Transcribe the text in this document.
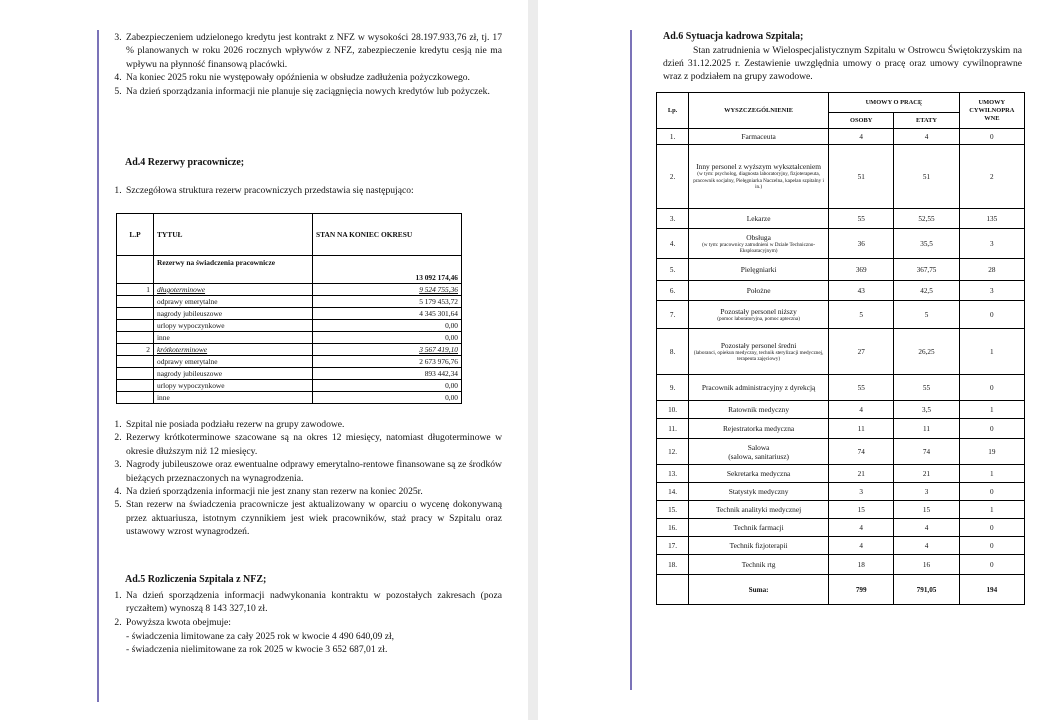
3. Zabezpieczeniem udzielonego kredytu jest kontrakt z NFZ w wysokości 28.197.933,76 zł, tj. 17 % planowanych w roku 2026 rocznych wpływów z NFZ, zabezpieczenie kredytu cesją nie ma wpływu na płynność finansową placówki.
4. Na koniec 2025 roku nie występowały opóźnienia w obsłudze zadłużenia pożyczkowego.
5. Na dzień sporządzania informacji nie planuje się zaciągnięcia nowych kredytów lub pożyczek.
Ad.4 Rezerwy pracownicze;
1. Szczegółowa struktura rezerw pracowniczych przedstawia się następująco:
L.P	TYTUŁ	STAN NA KONIEC OKRESU
	Rezerwy na świadczenia pracownicze	13 092 174,46
1	długoterminowe	9 524 755,36
	odprawy emerytalne	5 179 453,72
	nagrody jubileuszowe	4 345 301,64
	urlopy wypoczynkowe	0,00
	inne	0,00
2	krótkoterminowe	3 567 419,10
	odprawy emerytalne	2 673 976,76
	nagrody jubileuszowe	893 442,34
	urlopy wypoczynkowe	0,00
	inne	0,00
1. Szpital nie posiada podziału rezerw na grupy zawodowe.
2. Rezerwy krótkoterminowe szacowane są na okres 12 miesięcy, natomiast długoterminowe w okresie dłuższym niż 12 miesięcy.
3. Nagrody jubileuszowe oraz ewentualne odprawy emerytalno-rentowe finansowane są ze środków bieżących przeznaczonych na wynagrodzenia.
4. Na dzień sporządzenia informacji nie jest znany stan rezerw na koniec 2025r.
5. Stan rezerw na świadczenia pracownicze jest aktualizowany w oparciu o wycenę dokonywaną przez aktuariusza, istotnym czynnikiem jest wiek pracowników, staż pracy w Szpitalu oraz ustawowy wzrost wynagrodzeń.
Ad.5 Rozliczenia Szpitala z NFZ;
1. Na dzień sporządzenia informacji nadwykonania kontraktu w pozostałych zakresach (poza ryczałtem) wynoszą 8 143 327,10 zł.
2. Powyższa kwota obejmuje:
- świadczenia limitowane za cały 2025 rok w kwocie 4 490 640,09 zł,
- świadczenia nielimitowane za rok 2025 w kwocie 3 652 687,01 zł.
Ad.6 Sytuacja kadrowa Szpitala;
Stan zatrudnienia w Wielospecjalistycznym Szpitalu w Ostrowcu Świętokrzyskim na dzień 31.12.2025 r. Zestawienie uwzględnia umowy o pracę oraz umowy cywilnoprawne wraz z podziałem na grupy zawodowe.
Lp.	WYSZCZEGÓLNIENIE	UMOWY O PRACĘ		UMOWY CYWILNOPRA WNE
		OSOBY	ETATY	
1.	Farmaceuta	4	4	0
2.	Inny personel z wyższym wykształceniem
(w tym: psycholog, diagnosta laboratoryjny, fizjoterapeuta, pracownik socjalny, Pielęgniarka Naczelna, kapelan szpitalny i in.)	51	51	2
3.	Lekarze	55	52,55	135
4.	Obsługa
(w tym: pracownicy zatrudnieni w Dziale Techniczno-Eksploatacyjnym)	36	35,5	3
5.	Pielęgniarki	369	367,75	28
6.	Położne	43	42,5	3
7.	Pozostały personel niższy
(pomoc laboratoryjna, pomoc apteczna)	5	5	0
8.	Pozostały personel średni
(laboranci, opiekun medyczny, technik sterylizacji medycznej, terapeuta zajęciowy)	27	26,25	1
9.	Pracownik administracyjny z dyrekcją	55	55	0
10.	Ratownik medyczny	4	3,5	1
11.	Rejestratorka medyczna	11	11	0
12.	Salowa
(salowa, sanitariusz)	74	74	19
13.	Sekretarka medyczna	21	21	1
14.	Statystyk medyczny	3	3	0
15.	Technik analityki medycznej	15	15	1
16.	Technik farmacji	4	4	0
17.	Technik fizjoterapii	4	4	0
18.	Technik rtg	18	16	0
	Suma:	799	791,05	194
